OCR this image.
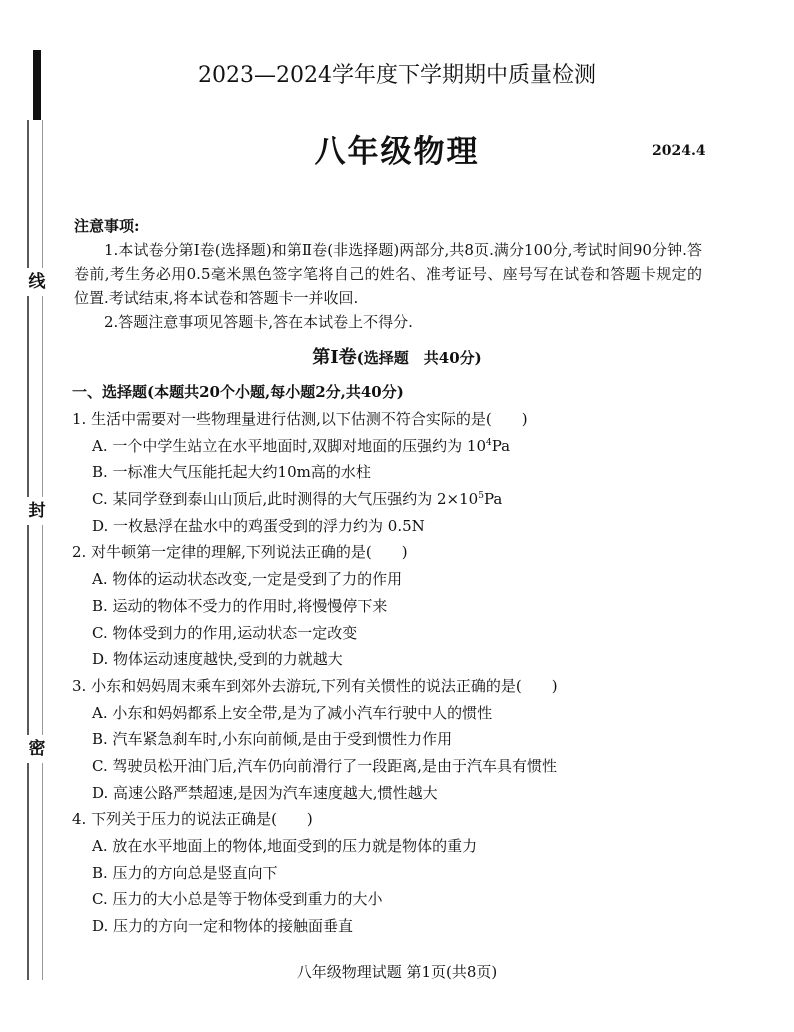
线
封
密
2023—2024学年度下学期期中质量检测
八年级物理	2024.4

注意事项:

1.本试卷分第Ⅰ卷(选择题)和第Ⅱ卷(非选择题)两部分,共8页.满分100分,考试时间90分钟.答卷前,考生务必用0.5毫米黑色签字笔将自己的姓名、准考证号、座号写在试卷和答题卡规定的位置.考试结束,将本试卷和答题卡一并收回.

2.答题注意事项见答题卡,答在本试卷上不得分.

第Ⅰ卷(选择题　共40分)
一、选择题(本题共20个小题,每小题2分,共40分)
1. 生活中需要对一些物理量进行估测,以下估测不符合实际的是(　　)
A. 一个中学生站立在水平地面时,双脚对地面的压强约为 $10^4Pa$
B. 一标准大气压能托起大约10m高的水柱
C. 某同学登到泰山山顶后,此时测得的大气压强约为 $2\times 10^5Pa$
D. 一枚悬浮在盐水中的鸡蛋受到的浮力约为 0.5N
2. 对牛顿第一定律的理解,下列说法正确的是(　　)
A. 物体的运动状态改变,一定是受到了力的作用
B. 运动的物体不受力的作用时,将慢慢停下来
C. 物体受到力的作用,运动状态一定改变
D. 物体运动速度越快,受到的力就越大
3. 小东和妈妈周末乘车到郊外去游玩,下列有关惯性的说法正确的是(　　)
A. 小东和妈妈都系上安全带,是为了减小汽车行驶中人的惯性
B. 汽车紧急刹车时,小东向前倾,是由于受到惯性力作用
C. 驾驶员松开油门后,汽车仍向前滑行了一段距离,是由于汽车具有惯性
D. 高速公路严禁超速,是因为汽车速度越大,惯性越大
4. 下列关于压力的说法正确是(　　)
A. 放在水平地面上的物体,地面受到的压力就是物体的重力
B. 压力的方向总是竖直向下
C. 压力的大小总是等于物体受到重力的大小
D. 压力的方向一定和物体的接触面垂直
八年级物理试题 第1页(共8页)
